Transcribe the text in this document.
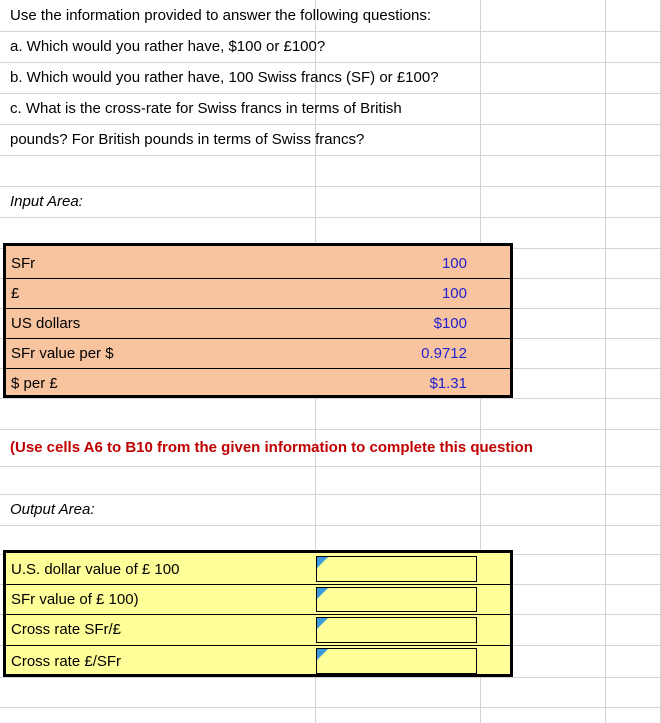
Use the information provided to answer the following questions:
a. Which would you rather have, $100 or £100?
b. Which would you rather have, 100 Swiss francs (SF) or £100?
c. What is the cross-rate for Swiss francs in terms of British
pounds? For British pounds in terms of Swiss francs?
Input Area:
SFr	100
£	100
US dollars	$100
SFr value per $	0.9712
$ per £	$1.31
(Use cells A6 to B10 from the given information to complete this question
Output Area:
U.S. dollar value of £ 100
SFr value of £ 100)
Cross rate SFr/£
Cross rate £/SFr
